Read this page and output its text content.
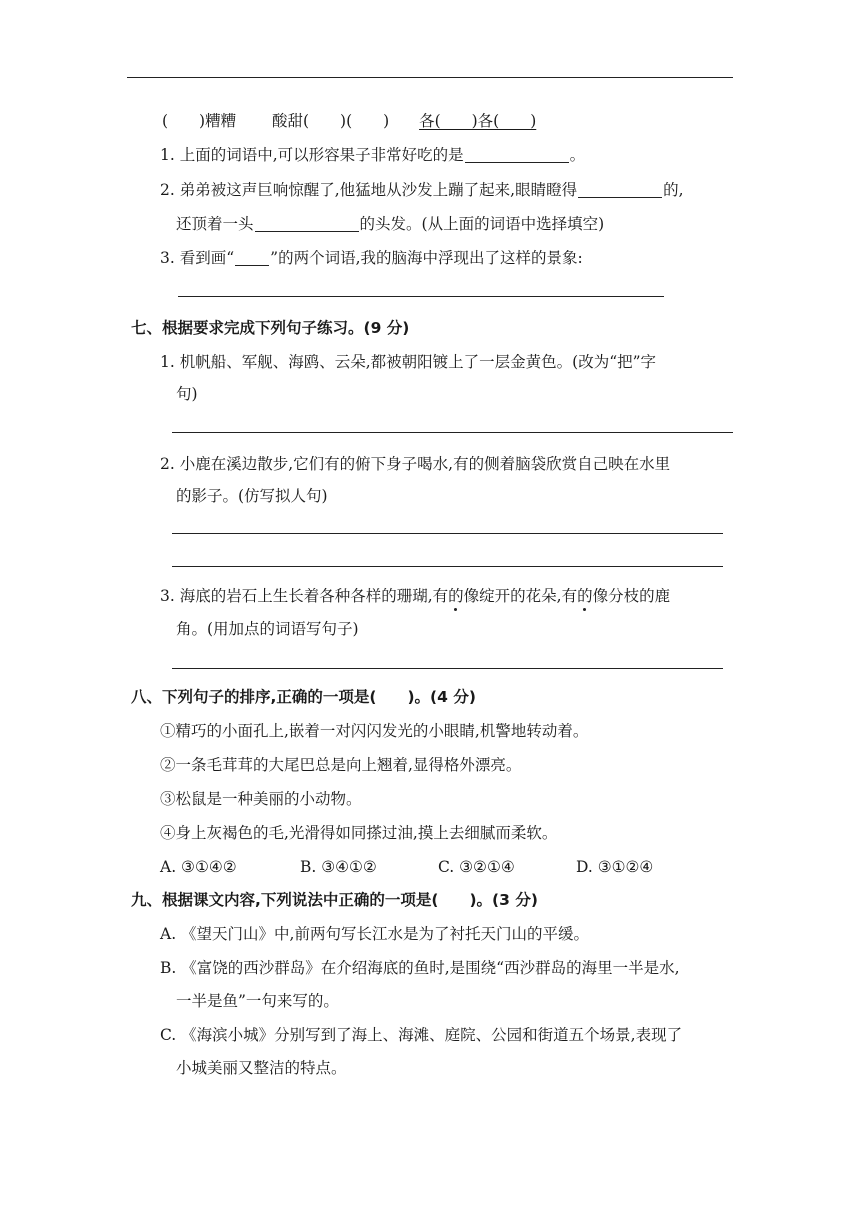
(　　)糟糟 酸甜(　　)(　　) 各(　　)各(　　)
1. 上面的词语中,可以形容果子非常好吃的是	。
2. 弟弟被这声巨响惊醒了,他猛地从沙发上蹦了起来,眼睛瞪得	的,
还顶着一头	的头发。(从上面的词语中选择填空)
3. 看到画“ ”的两个词语,我的脑海中浮现出了这样的景象:
七、根据要求完成下列句子练习。(9 分)
1. 机帆船、军舰、海鸥、云朵,都被朝阳镀上了一层金黄色。(改为“把”字
句)
2. 小鹿在溪边散步,它们有的俯下身子喝水,有的侧着脑袋欣赏自己映在水里
的影子。(仿写拟人句)
3. 海底的岩石上生长着各种各样的珊瑚,有的像绽开的花朵,有的像分枝的鹿
角。(用加点的词语写句子)
八、下列句子的排序,正确的一项是(　　)。(4 分)
①精巧的小面孔上,嵌着一对闪闪发光的小眼睛,机警地转动着。
②一条毛茸茸的大尾巴总是向上翘着,显得格外漂亮。
③松鼠是一种美丽的小动物。
④身上灰褐色的毛,光滑得如同搽过油,摸上去细腻而柔软。
A. ③①④②	B. ③④①②	C. ③②①④	D. ③①②④
九、根据课文内容,下列说法中正确的一项是(　　)。(3 分)
A. 《望天门山》中,前两句写长江水是为了衬托天门山的平缓。
B. 《富饶的西沙群岛》在介绍海底的鱼时,是围绕“西沙群岛的海里一半是水,
一半是鱼”一句来写的。
C. 《海滨小城》分别写到了海上、海滩、庭院、公园和街道五个场景,表现了
小城美丽又整洁的特点。
